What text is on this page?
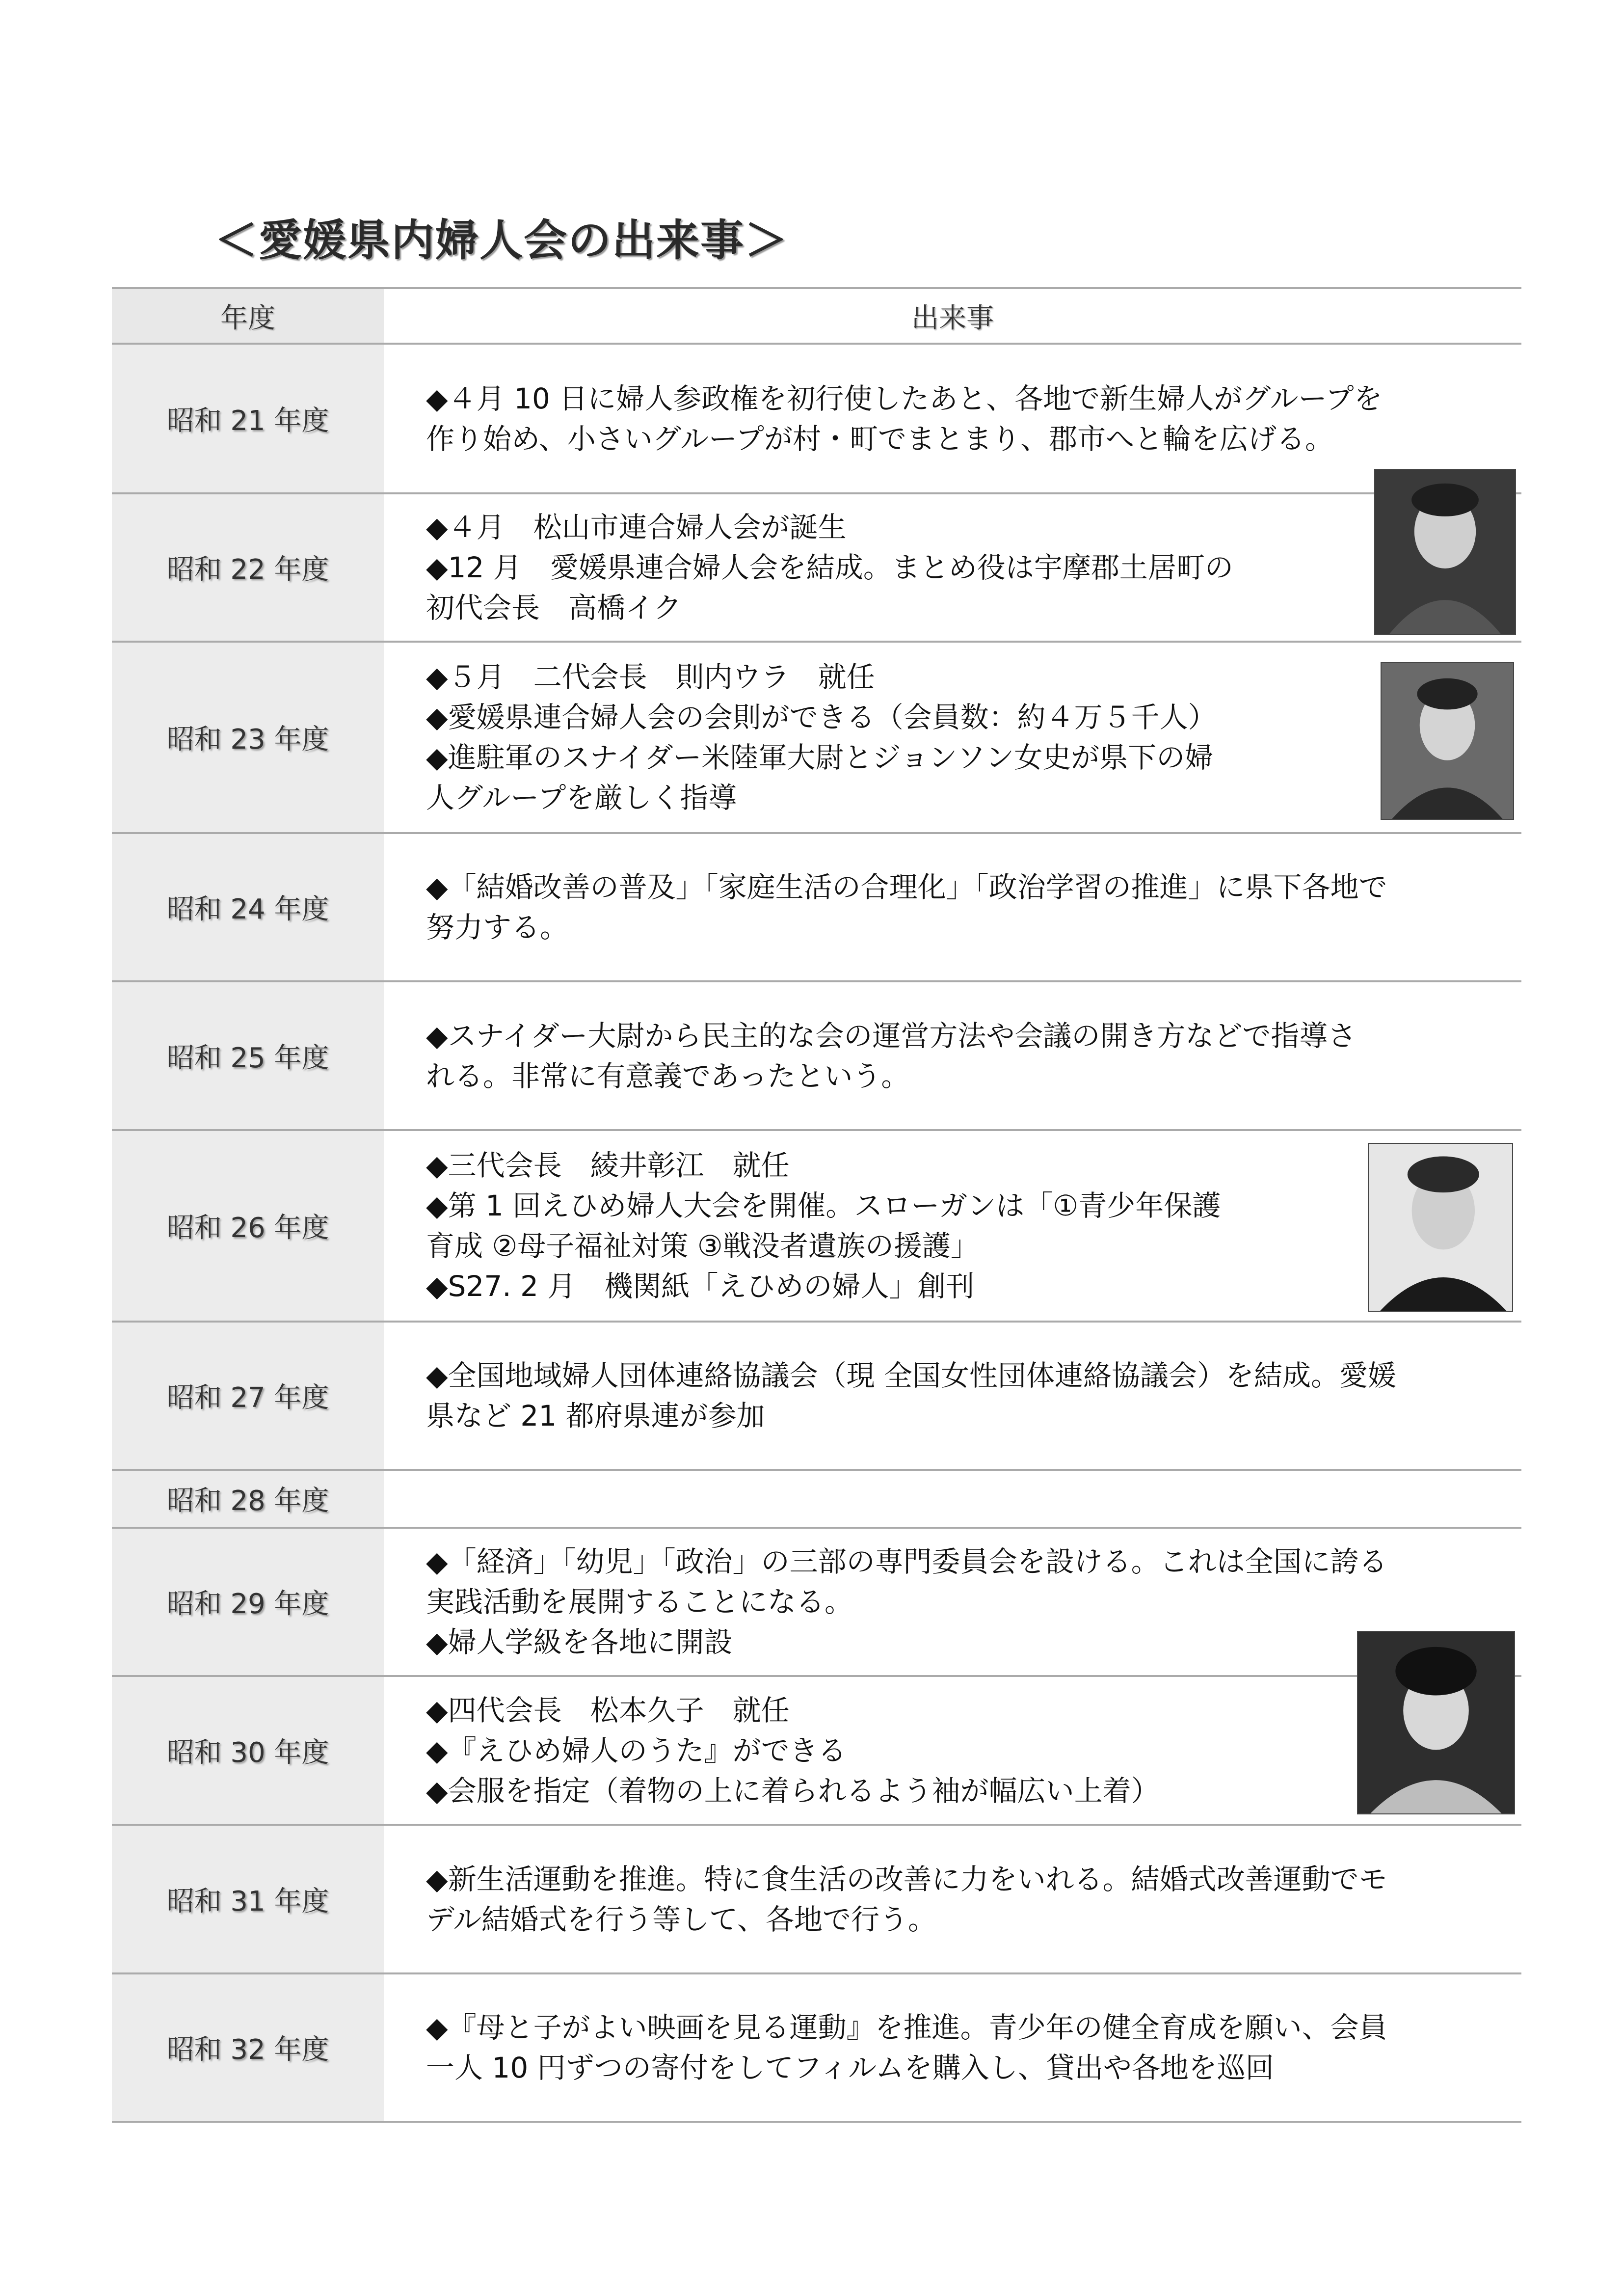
＜愛媛県内婦人会の出来事＞
年度	出来事
昭和 21 年度
◆４月 10 日に婦人参政権を初行使したあと、各地で新生婦人がグループを
作り始め、小さいグループが村・町でまとまり、郡市へと輪を広げる。
昭和 22 年度
◆４月　松山市連合婦人会が誕生
◆12 月　愛媛県連合婦人会を結成。まとめ役は宇摩郡土居町の
初代会長　高橋イク
昭和 23 年度
◆５月　二代会長　則内ウラ　就任
◆愛媛県連合婦人会の会則ができる（会員数：約４万５千人）
◆進駐軍のスナイダー米陸軍大尉とジョンソン女史が県下の婦
人グループを厳しく指導
昭和 24 年度
◆「結婚改善の普及」「家庭生活の合理化」「政治学習の推進」に県下各地で
努力する。
昭和 25 年度
◆スナイダー大尉から民主的な会の運営方法や会議の開き方などで指導さ
れる。非常に有意義であったという。
昭和 26 年度
◆三代会長　綾井彰江　就任
◆第 1 回えひめ婦人大会を開催。スローガンは「①青少年保護
育成 ②母子福祉対策 ③戦没者遺族の援護」
◆S27. 2 月　機関紙「えひめの婦人」創刊
昭和 27 年度
◆全国地域婦人団体連絡協議会（現 全国女性団体連絡協議会）を結成。愛媛
県など 21 都府県連が参加
昭和 28 年度
昭和 29 年度
◆「経済」「幼児」「政治」の三部の専門委員会を設ける。これは全国に誇る
実践活動を展開することになる。
◆婦人学級を各地に開設
昭和 30 年度
◆四代会長　松本久子　就任
◆『えひめ婦人のうた』ができる
◆会服を指定（着物の上に着られるよう袖が幅広い上着）
昭和 31 年度
◆新生活運動を推進。特に食生活の改善に力をいれる。結婚式改善運動でモ
デル結婚式を行う等して、各地で行う。
昭和 32 年度
◆『母と子がよい映画を見る運動』を推進。青少年の健全育成を願い、会員
一人 10 円ずつの寄付をしてフィルムを購入し、貸出や各地を巡回
